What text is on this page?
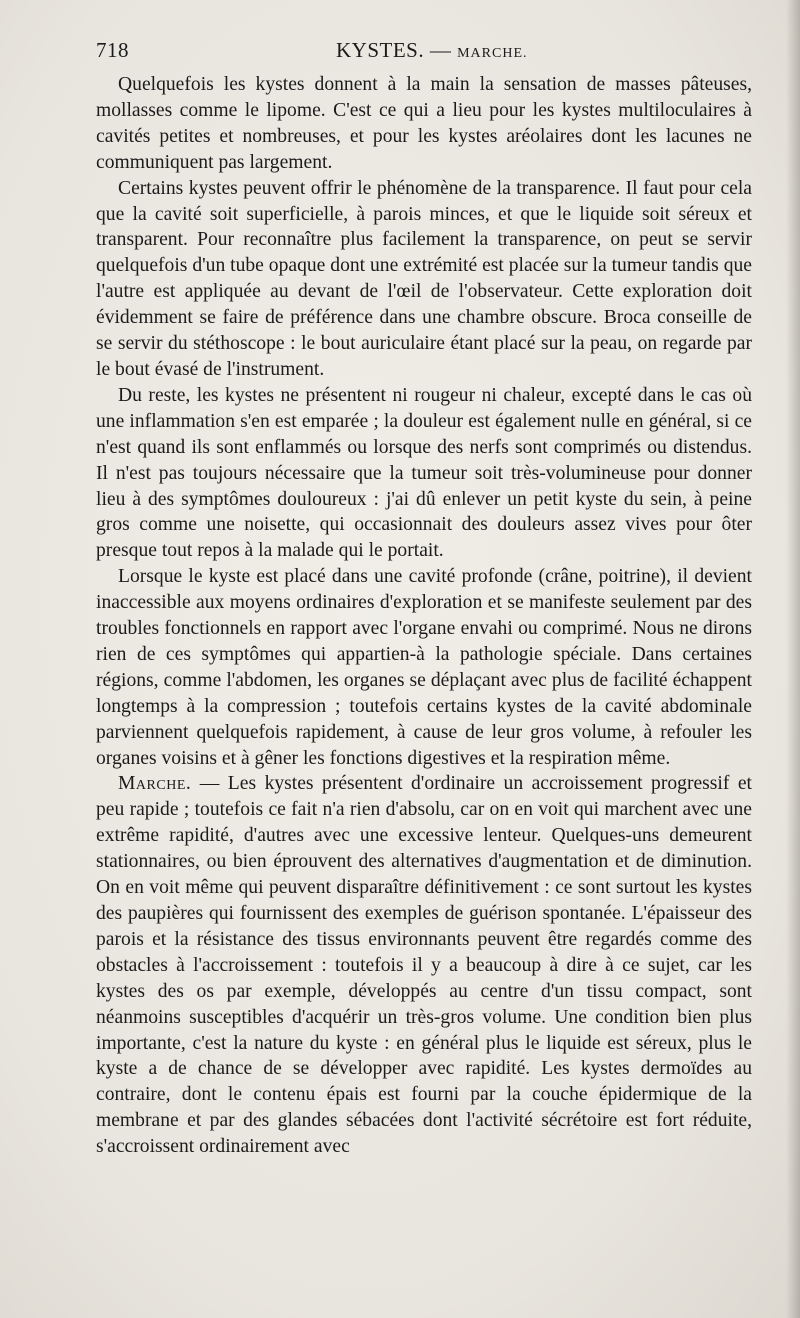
718	KYSTES. — MARCHE.

Quelquefois les kystes donnent à la main la sensation de masses pâteuses, mollasses comme le lipome. C'est ce qui a lieu pour les kystes multiloculaires à cavités petites et nombreuses, et pour les kystes aréolaires dont les lacunes ne communiquent pas largement.

Certains kystes peuvent offrir le phénomène de la transparence. Il faut pour cela que la cavité soit superficielle, à parois minces, et que le liquide soit séreux et transparent. Pour reconnaître plus facilement la transparence, on peut se servir quelquefois d'un tube opaque dont une extrémité est placée sur la tumeur tandis que l'autre est appliquée au devant de l'œil de l'observateur. Cette exploration doit évidemment se faire de préférence dans une chambre obscure. Broca conseille de se servir du stéthoscope : le bout auriculaire étant placé sur la peau, on regarde par le bout évasé de l'instrument.

Du reste, les kystes ne présentent ni rougeur ni chaleur, excepté dans le cas où une inflammation s'en est emparée ; la douleur est également nulle en général, si ce n'est quand ils sont enflammés ou lorsque des nerfs sont comprimés ou distendus. Il n'est pas toujours nécessaire que la tumeur soit très-volumineuse pour donner lieu à des symptômes douloureux : j'ai dû enlever un petit kyste du sein, à peine gros comme une noisette, qui occasionnait des douleurs assez vives pour ôter presque tout repos à la malade qui le portait.

Lorsque le kyste est placé dans une cavité profonde (crâne, poitrine), il devient inaccessible aux moyens ordinaires d'exploration et se manifeste seulement par des troubles fonctionnels en rapport avec l'organe envahi ou comprimé. Nous ne dirons rien de ces symptômes qui appartien-à la pathologie spéciale. Dans certaines régions, comme l'abdomen, les organes se déplaçant avec plus de facilité échappent longtemps à la compression ; toutefois certains kystes de la cavité abdominale parviennent quelquefois rapidement, à cause de leur gros volume, à refouler les organes voisins et à gêner les fonctions digestives et la respiration même.

Marche. — Les kystes présentent d'ordinaire un accroissement progressif et peu rapide ; toutefois ce fait n'a rien d'absolu, car on en voit qui marchent avec une extrême rapidité, d'autres avec une excessive lenteur. Quelques-uns demeurent stationnaires, ou bien éprouvent des alternatives d'augmentation et de diminution. On en voit même qui peuvent disparaître définitivement : ce sont surtout les kystes des paupières qui fournissent des exemples de guérison spontanée. L'épaisseur des parois et la résistance des tissus environnants peuvent être regardés comme des obstacles à l'accroissement : toutefois il y a beaucoup à dire à ce sujet, car les kystes des os par exemple, développés au centre d'un tissu compact, sont néanmoins susceptibles d'acquérir un très-gros volume. Une condition bien plus importante, c'est la nature du kyste : en général plus le liquide est séreux, plus le kyste a de chance de se développer avec rapidité. Les kystes dermoïdes au contraire, dont le contenu épais est fourni par la couche épidermique de la membrane et par des glandes sébacées dont l'activité sécrétoire est fort réduite, s'accroissent ordinairement avec
